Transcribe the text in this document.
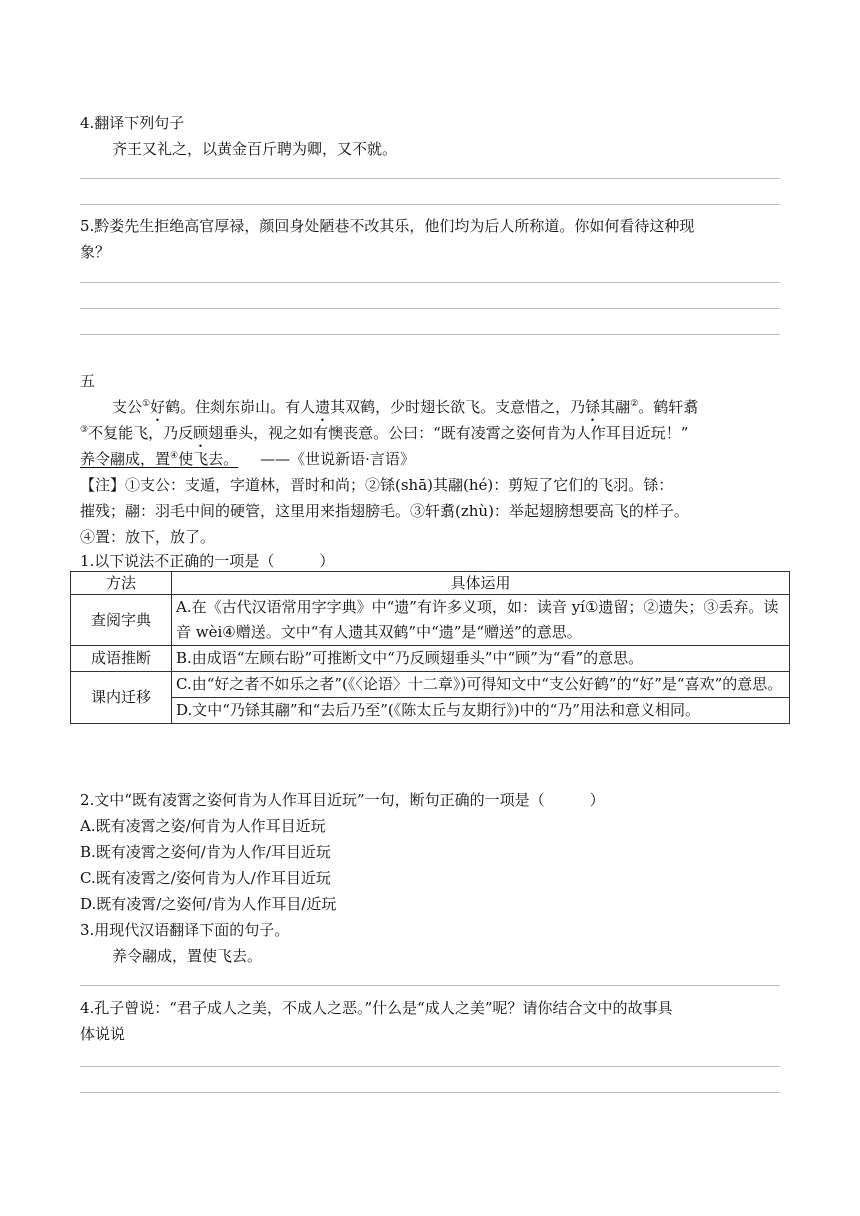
4.翻译下列句子
齐王又礼之，以黄金百斤聘为卿，又不就。
5.黔娄先生拒绝高官厚禄，颜回身处陋巷不改其乐，他们均为后人所称道。你如何看待这种现
象？
五
支公①好鹤。住剡东峁山。有人遗其双鹤，少时翅长欲飞。支意惜之，乃铩其翮②。鹤轩翥
③不复能飞，乃反顾翅垂头，视之如有懊丧意。公曰：“既有凌霄之姿何肯为人作耳目近玩！”
养令翮成，置④使飞去。 ——《世说新语·言语》
【注】①支公：支遁，字道林，晋时和尚；②铩(shā)其翮(hé)：剪短了它们的飞羽。铩：
摧残；翮：羽毛中间的硬管，这里用来指翅膀毛。③轩翥(zhù)：举起翅膀想要高飞的样子。
④置：放下，放了。
1.以下说法不正确的一项是（　　　）
方法	具体运用
查阅字典	A.在《古代汉语常用字字典》中“遗”有许多义项，如：读音 yí①遗留；②遗失；③丢弃。读音 wèi④赠送。文中“有人遗其双鹤”中“遗”是“赠送”的意思。
成语推断	B.由成语“左顾右盼”可推断文中“乃反顾翅垂头”中“顾”为“看”的意思。
课内迁移	C.由“好之者不如乐之者”(《〈论语〉十二章》)可得知文中“支公好鹤”的“好”是“喜欢”的意思。
	D.文中“乃铩其翮”和“去后乃至”(《陈太丘与友期行》)中的“乃”用法和意义相同。
2.文中“既有凌霄之姿何肯为人作耳目近玩”一句，断句正确的一项是（　　　）
A.既有凌霄之姿/何肯为人作耳目近玩
B.既有凌霄之姿何/肯为人作/耳目近玩
C.既有凌霄之/姿何肯为人/作耳目近玩
D.既有凌霄/之姿何/肯为人作耳目/近玩
3.用现代汉语翻译下面的句子。
养令翮成，置使飞去。
4.孔子曾说：“君子成人之美，不成人之恶。”什么是“成人之美”呢？请你结合文中的故事具
体说说
